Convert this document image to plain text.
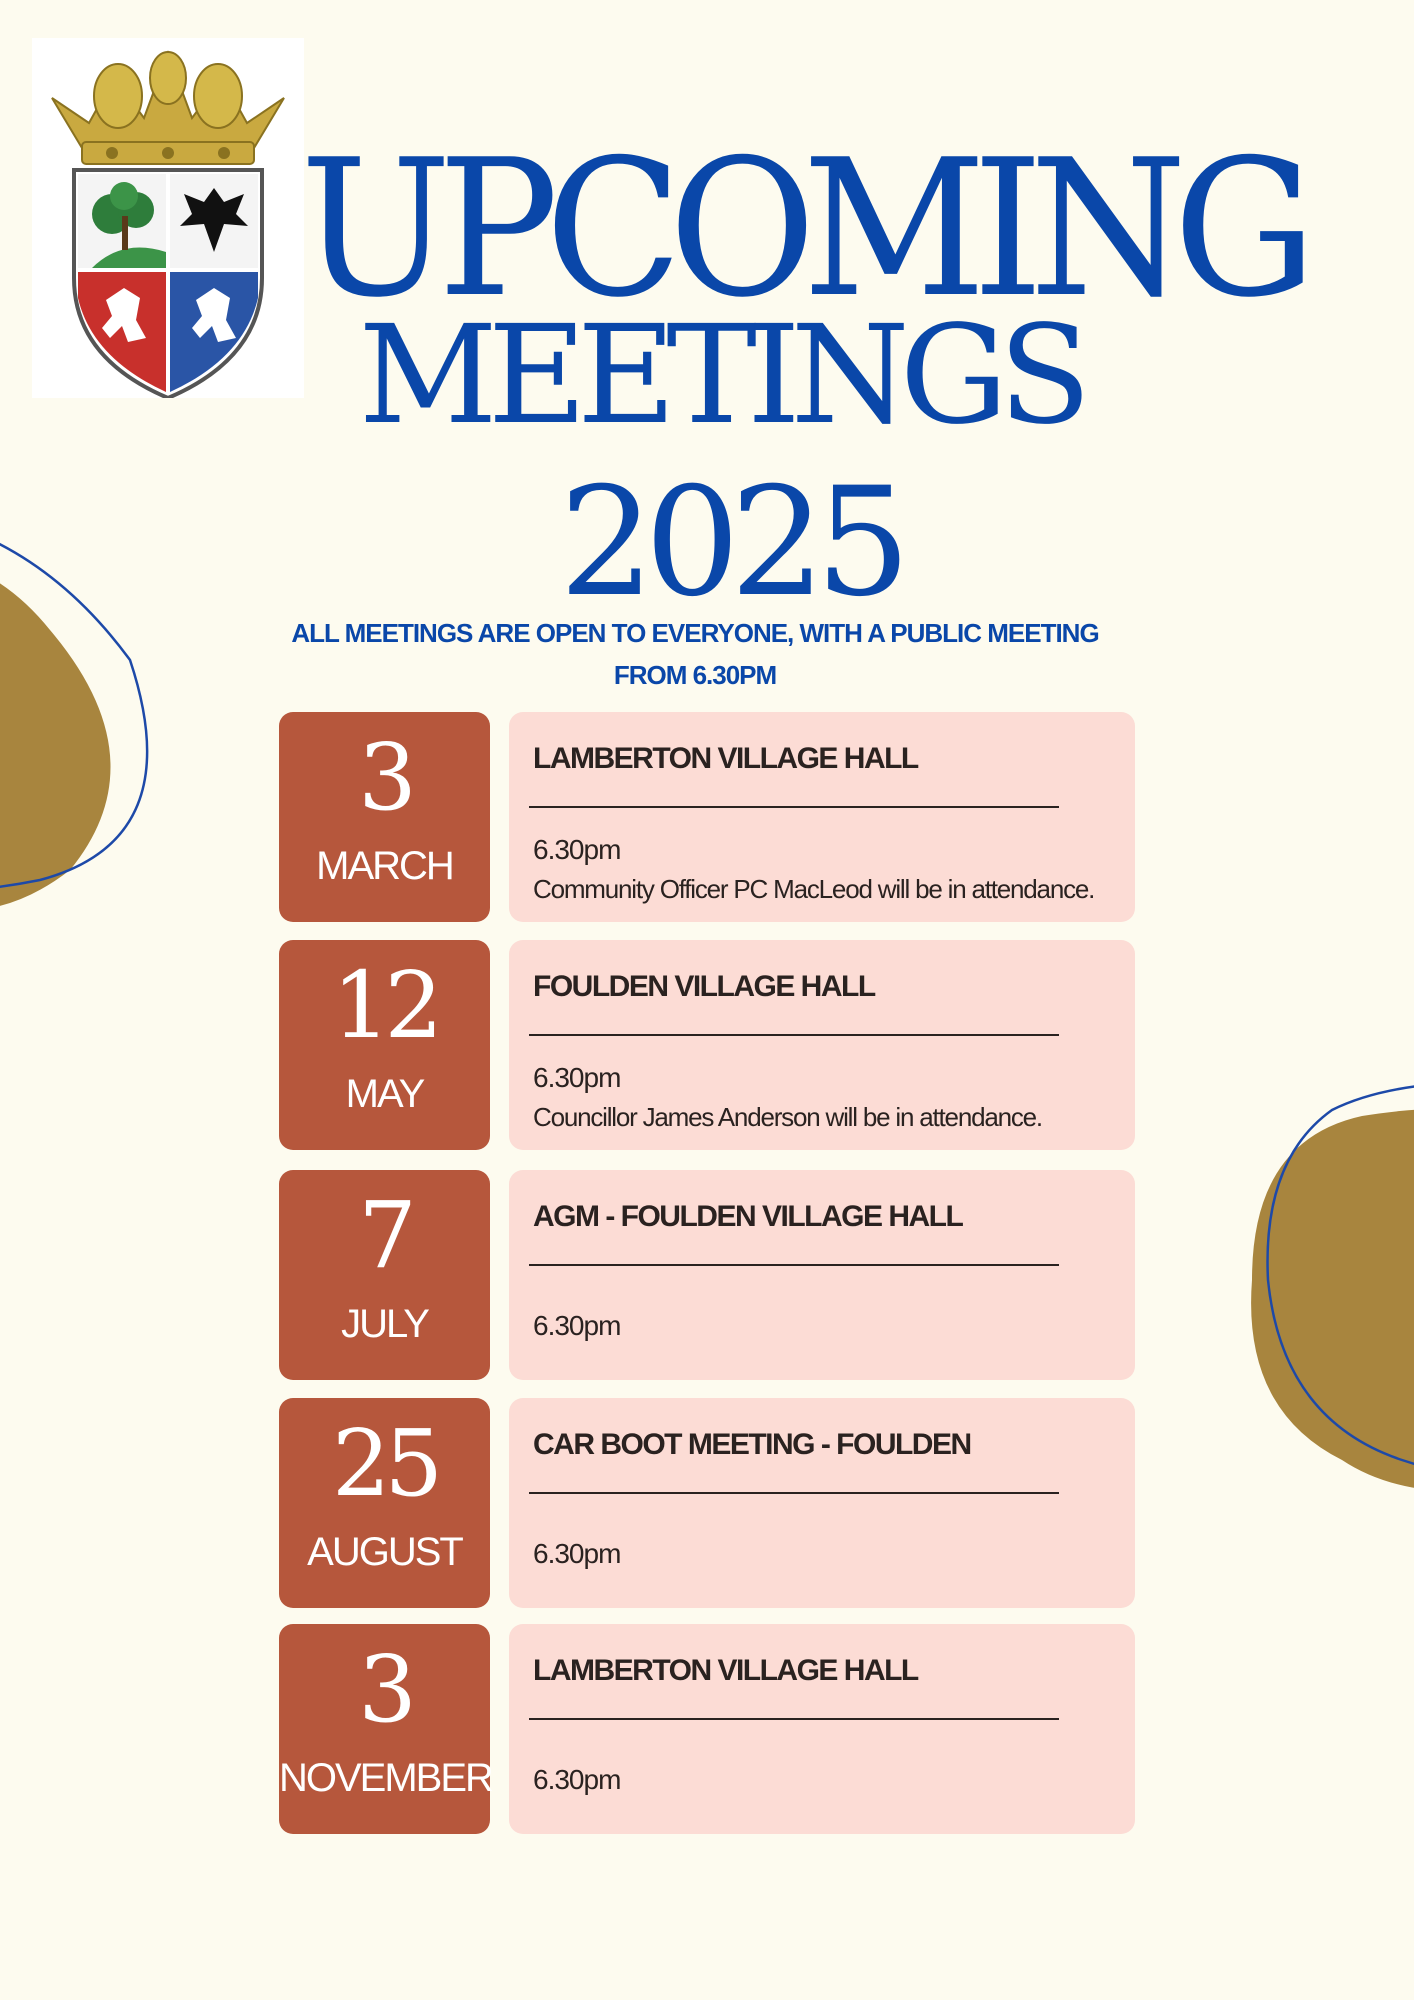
UPCOMING
MEETINGS
2025
ALL MEETINGS ARE OPEN TO EVERYONE, WITH A PUBLIC MEETING
FROM 6.30PM
3
MARCH
LAMBERTON VILLAGE HALL
6.30pm
Community Officer PC MacLeod will be in attendance.
12
MAY
FOULDEN VILLAGE HALL
6.30pm
Councillor James Anderson will be in attendance.
7
JULY
AGM - FOULDEN VILLAGE HALL
6.30pm
25
AUGUST
CAR BOOT MEETING - FOULDEN
6.30pm
3
NOVEMBER
LAMBERTON VILLAGE HALL
6.30pm
